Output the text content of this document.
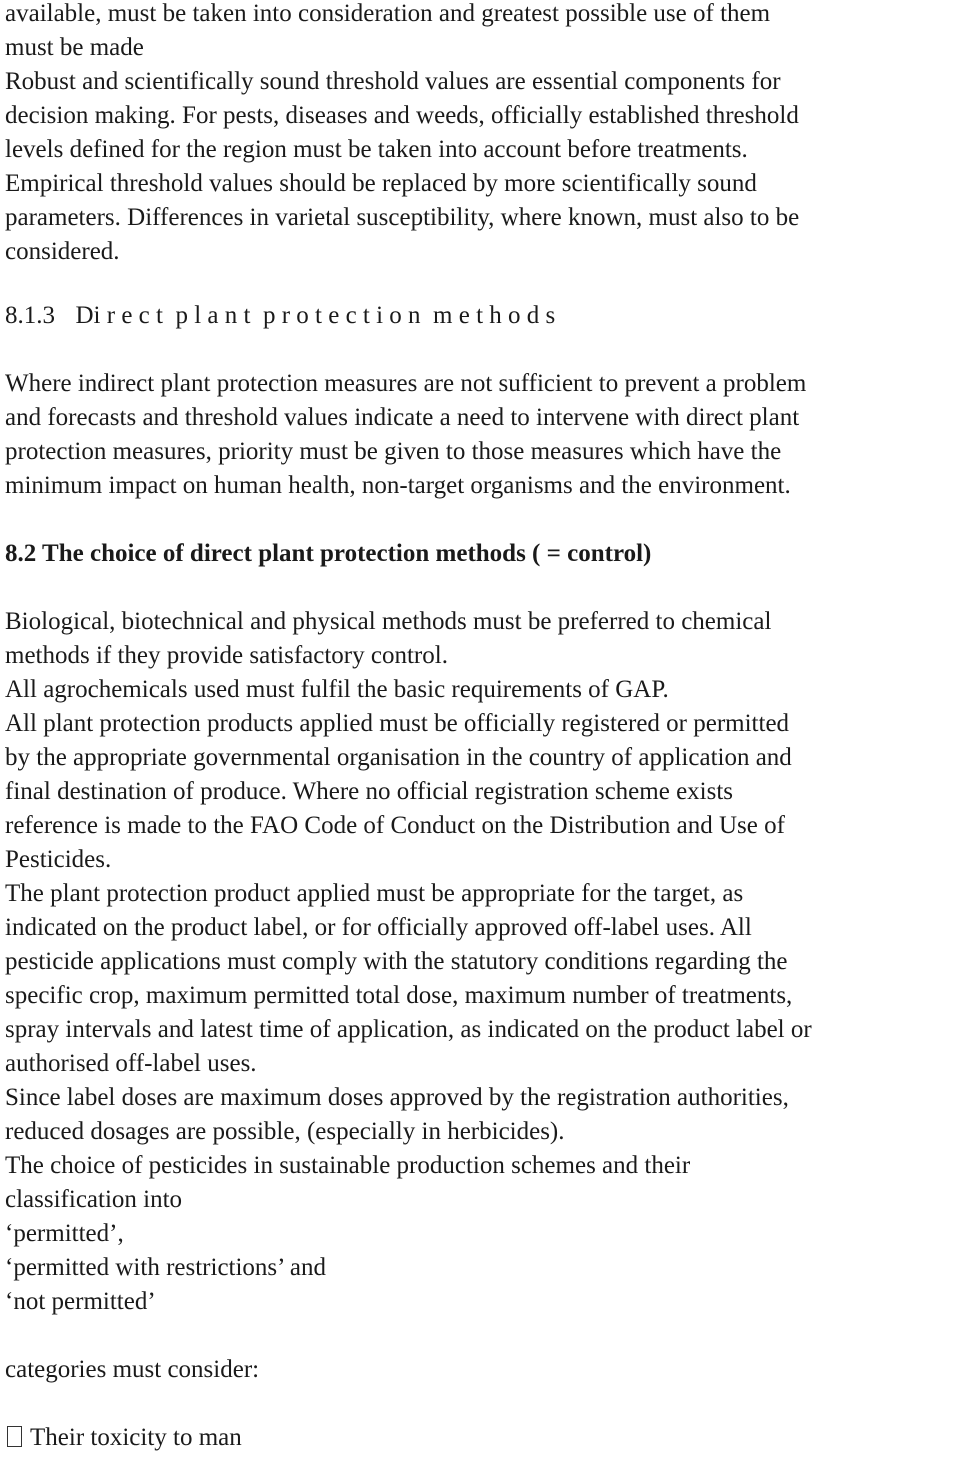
available, must be taken into consideration and greatest possible use of them
must be made
Robust and scientifically sound threshold values are essential components for
decision making. For pests, diseases and weeds, officially established threshold
levels defined for the region must be taken into account before treatments.
Empirical threshold values should be replaced by more scientifically sound
parameters. Differences in varietal susceptibility, where known, must also to be
considered.
8.1.3 Di r e c t  p l a n t  p r o t e c t i o n  m e t h o d s
Where indirect plant protection measures are not sufficient to prevent a problem
and forecasts and threshold values indicate a need to intervene with direct plant
protection measures, priority must be given to those measures which have the
minimum impact on human health, non-target organisms and the environment.
8.2 The choice of direct plant protection methods ( = control)
Biological, biotechnical and physical methods must be preferred to chemical
methods if they provide satisfactory control.
All agrochemicals used must fulfil the basic requirements of GAP.
All plant protection products applied must be officially registered or permitted
by the appropriate governmental organisation in the country of application and
final destination of produce. Where no official registration scheme exists
reference is made to the FAO Code of Conduct on the Distribution and Use of
Pesticides.
The plant protection product applied must be appropriate for the target, as
indicated on the product label, or for officially approved off-label uses. All
pesticide applications must comply with the statutory conditions regarding the
specific crop, maximum permitted total dose, maximum number of treatments,
spray intervals and latest time of application, as indicated on the product label or
authorised off-label uses.
Since label doses are maximum doses approved by the registration authorities,
reduced dosages are possible, (especially in herbicides).
The choice of pesticides in sustainable production schemes and their
classification into
‘permitted’,
‘permitted with restrictions’ and
‘not permitted’
categories must consider:
Their toxicity to man
